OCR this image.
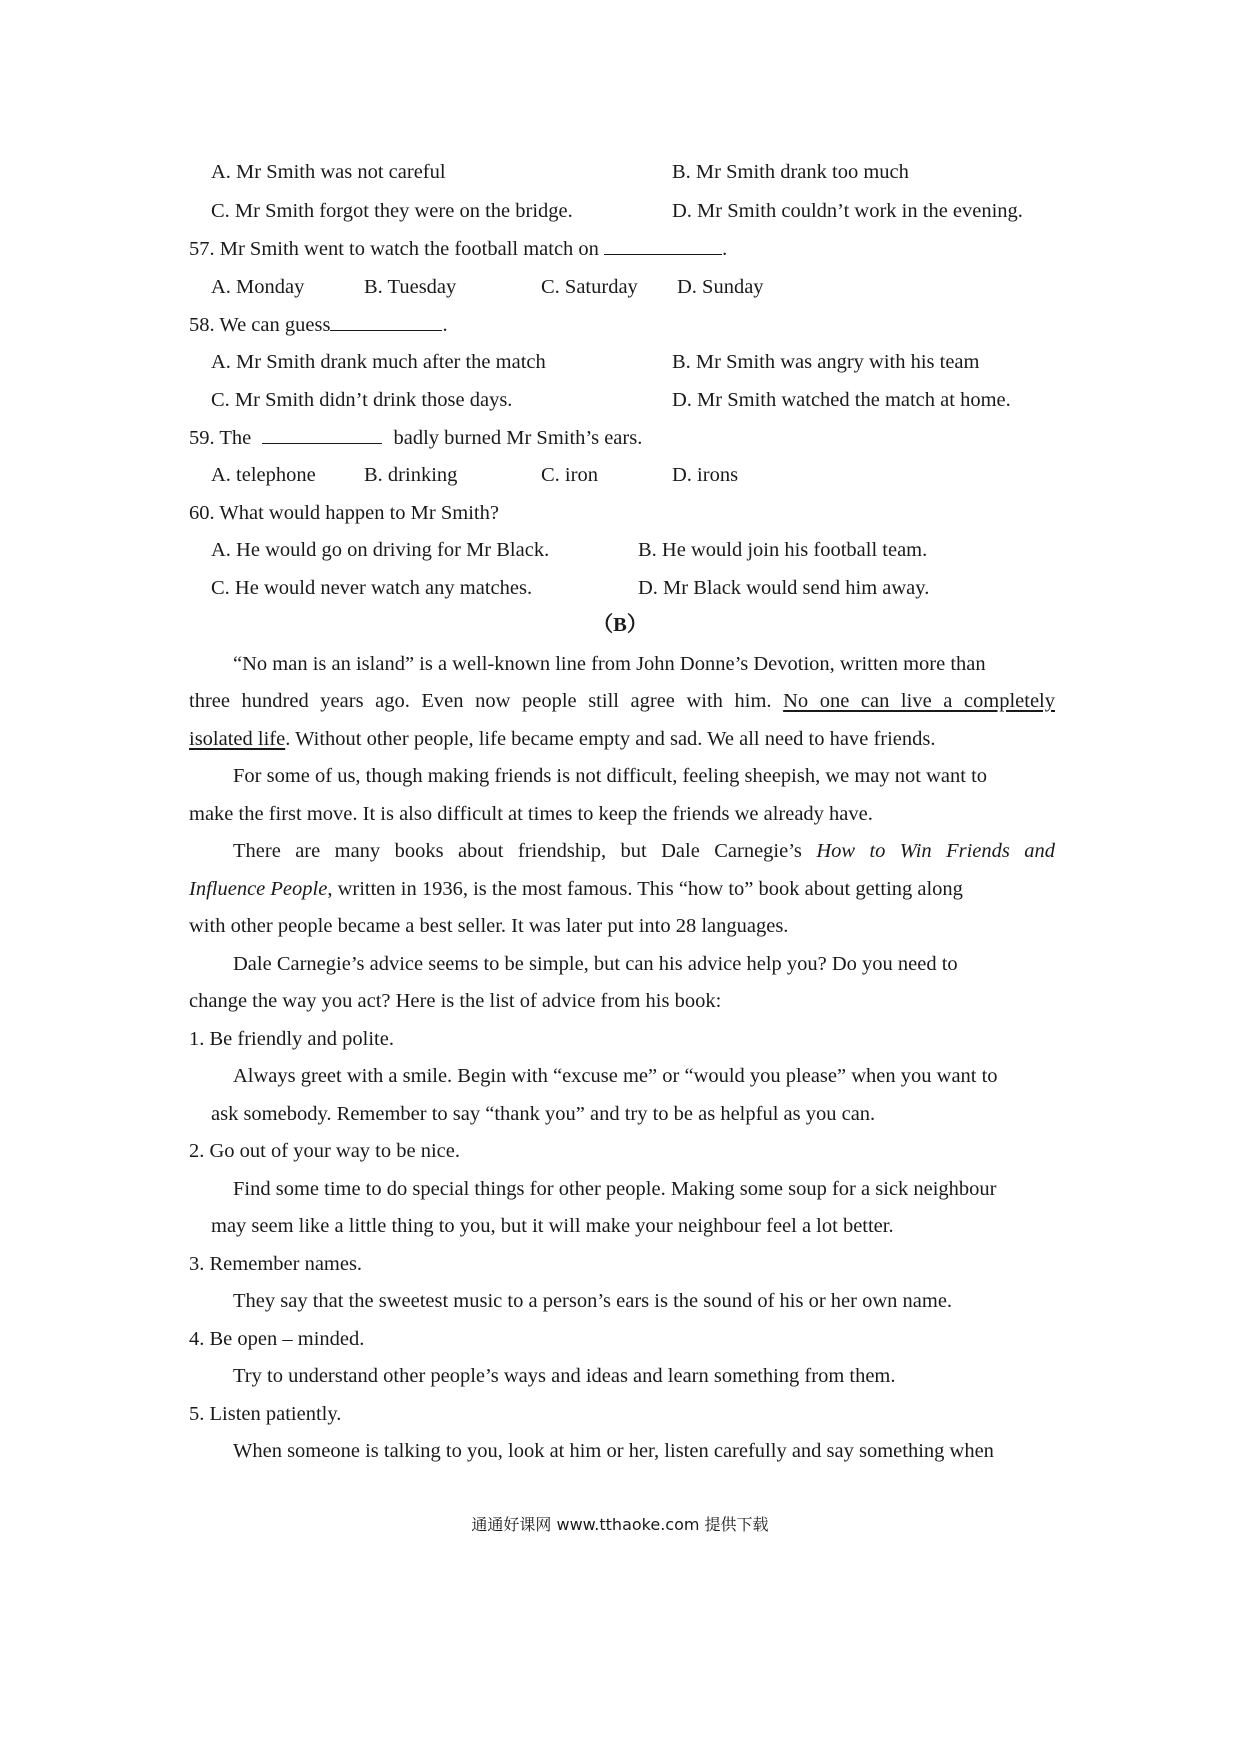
A. Mr Smith was not careful	B. Mr Smith drank too much
C. Mr Smith forgot they were on the bridge.	D. Mr Smith couldn’t work in the evening.
57. Mr Smith went to watch the football match on	.
A. Monday	B. Tuesday	C. Saturday D. Sunday
58. We can guess	.
A. Mr Smith drank much after the match	B. Mr Smith was angry with his team
C. Mr Smith didn’t drink those days.	D. Mr Smith watched the match at home.
59. The	badly burned Mr Smith’s ears.
A. telephone B. drinking	C. iron	D. irons
60. What would happen to Mr Smith?
A. He would go on driving for Mr Black.	B. He would join his football team.
C. He would never watch any matches.	D. Mr Black would send him away.
（B）
“No man is an island” is a well-known line from John Donne’s Devotion, written more than
three hundred years ago. Even now people still agree with him. No one can live a completely
isolated life. Without other people, life became empty and sad. We all need to have friends.
For some of us, though making friends is not difficult, feeling sheepish, we may not want to
make the first move. It is also difficult at times to keep the friends we already have.
There are many books about friendship, but Dale Carnegie’s How to Win Friends and
Influence People, written in 1936, is the most famous. This “how to” book about getting along
with other people became a best seller. It was later put into 28 languages.
Dale Carnegie’s advice seems to be simple, but can his advice help you? Do you need to
change the way you act? Here is the list of advice from his book:
1. Be friendly and polite.
Always greet with a smile. Begin with “excuse me” or “would you please” when you want to
ask somebody. Remember to say “thank you” and try to be as helpful as you can.
2. Go out of your way to be nice.
Find some time to do special things for other people. Making some soup for a sick neighbour
may seem like a little thing to you, but it will make your neighbour feel a lot better.
3. Remember names.
They say that the sweetest music to a person’s ears is the sound of his or her own name.
4. Be open – minded.
Try to understand other people’s ways and ideas and learn something from them.
5. Listen patiently.
When someone is talking to you, look at him or her, listen carefully and say something when
通通好课网 www.tthaoke.com 提供下载
